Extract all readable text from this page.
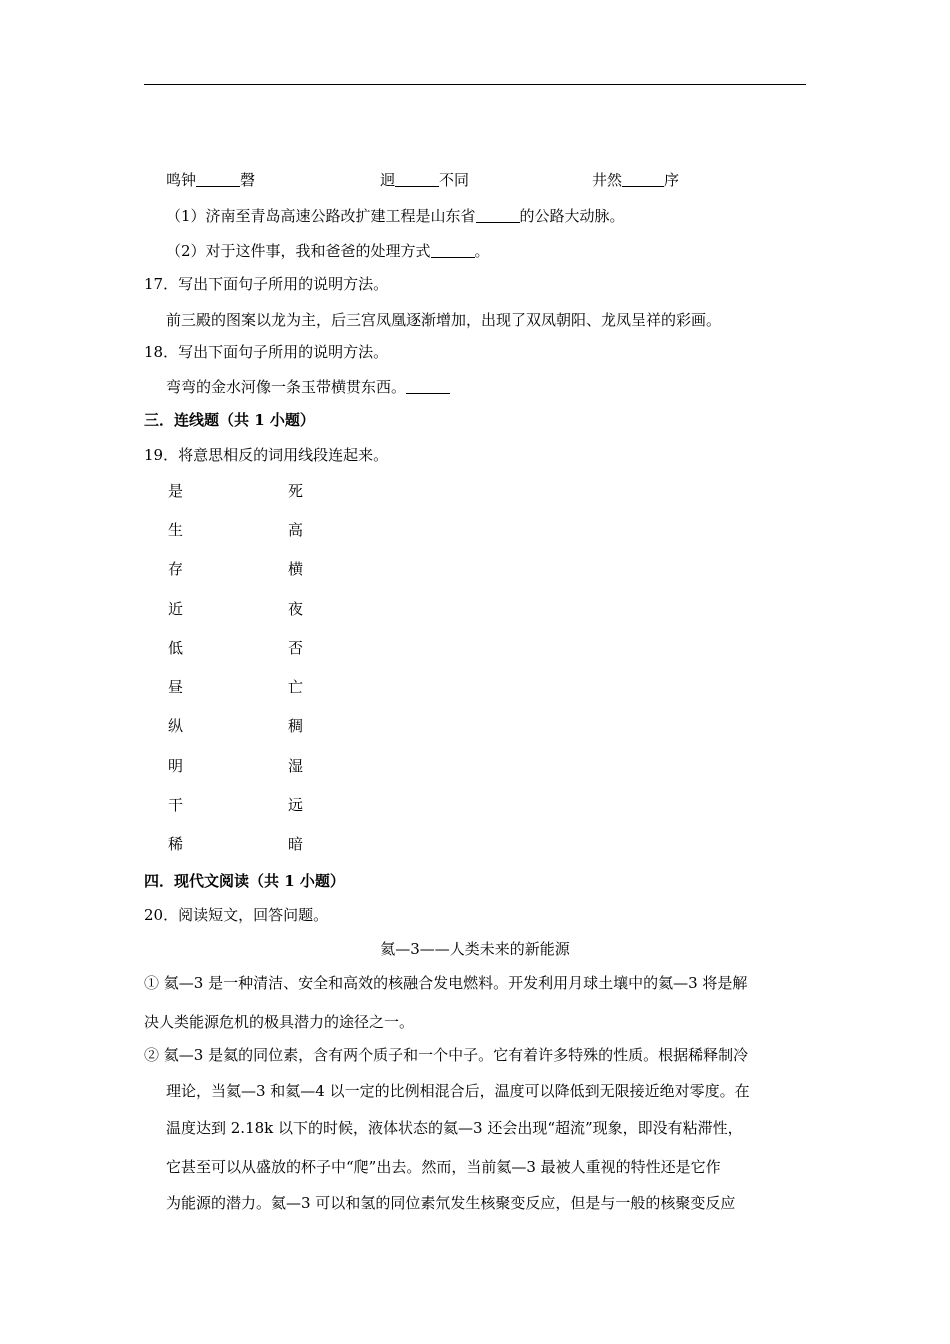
鸣钟	磬	迥	不同	井然	序
（1）济南至青岛高速公路改扩建工程是山东省	的公路大动脉。
（2）对于这件事，我和爸爸的处理方式	。
17．写出下面句子所用的说明方法。
前三殿的图案以龙为主，后三宫凤凰逐渐增加，出现了双凤朝阳、龙凤呈祥的彩画。
18．写出下面句子所用的说明方法。
弯弯的金水河像一条玉带横贯东西。
三．连线题（共 1 小题）
19．将意思相反的词用线段连起来。
是
生
存
近
低
昼
纵
明
干
稀
死
高
横
夜
否
亡
稠
湿
远
暗
四．现代文阅读（共 1 小题）
20．阅读短文，回答问题。
氦—3——人类未来的新能源
① 氦—3 是一种清洁、安全和高效的核融合发电燃料。开发利用月球土壤中的氦—3 将是解
决人类能源危机的极具潜力的途径之一。
② 氦—3 是氦的同位素，含有两个质子和一个中子。它有着许多特殊的性质。根据稀释制冷
理论，当氦—3 和氦—4 以一定的比例相混合后，温度可以降低到无限接近绝对零度。在
温度达到 2.18k 以下的时候，液体状态的氦—3 还会出现“超流”现象，即没有粘滞性，
它甚至可以从盛放的杯子中“爬”出去。然而，当前氦—3 最被人重视的特性还是它作
为能源的潜力。氦—3 可以和氢的同位素氘发生核聚变反应，但是与一般的核聚变反应
